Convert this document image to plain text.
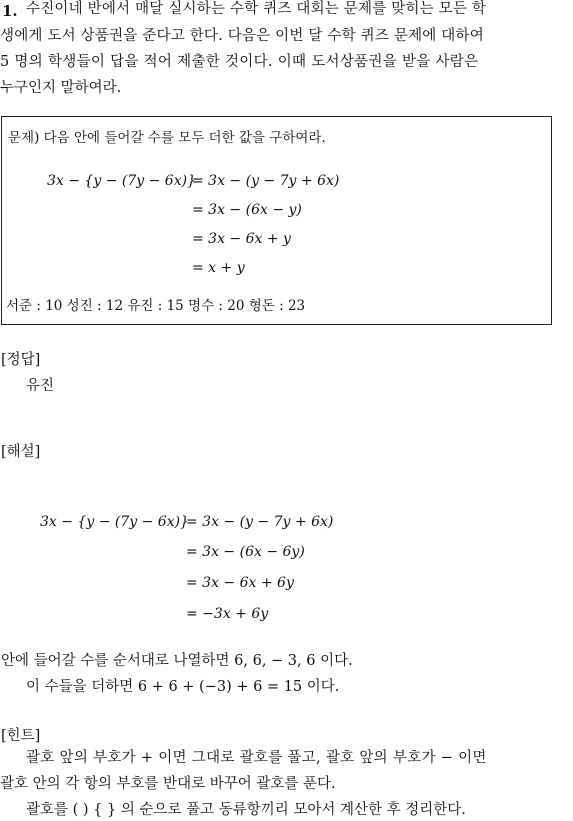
1. 수진이네 반에서 매달 실시하는 수학 퀴즈 대회는 문제를 맞히는 모든 학
생에게 도서 상품권을 준다고 한다. 다음은 이번 달 수학 퀴즈 문제에 대하여
5 명의 학생들이 답을 적어 제출한 것이다. 이때 도서상품권을 받을 사람은
누구인지 말하여라.
문제) 다음 안에 들어갈 수를 모두 더한 값을 구하여라.
3x − {y − (7y − 6x)}
= 3x − (y − 7y + 6x)
= 3x − (6x − y)
= 3x − 6x + y
= x + y
서준 : 10 성진 : 12 유진 : 15 명수 : 20 형돈 : 23
[정답]
유진
[해설]
3x − {y − (7y − 6x)}
= 3x − (y − 7y + 6x)
= 3x − (6x − 6y)
= 3x − 6x + 6y
= −3x + 6y
안에 들어갈 수를 순서대로 나열하면 6, 6, − 3, 6 이다.
이 수들을 더하면 6 + 6 + (−3) + 6 = 15 이다.
[힌트]
괄호 앞의 부호가 + 이면 그대로 괄호를 풀고, 괄호 앞의 부호가 − 이면
괄호 안의 각 항의 부호를 반대로 바꾸어 괄호를 푼다.
괄호를 ( ) { } 의 순으로 풀고 동류항끼리 모아서 계산한 후 정리한다.
